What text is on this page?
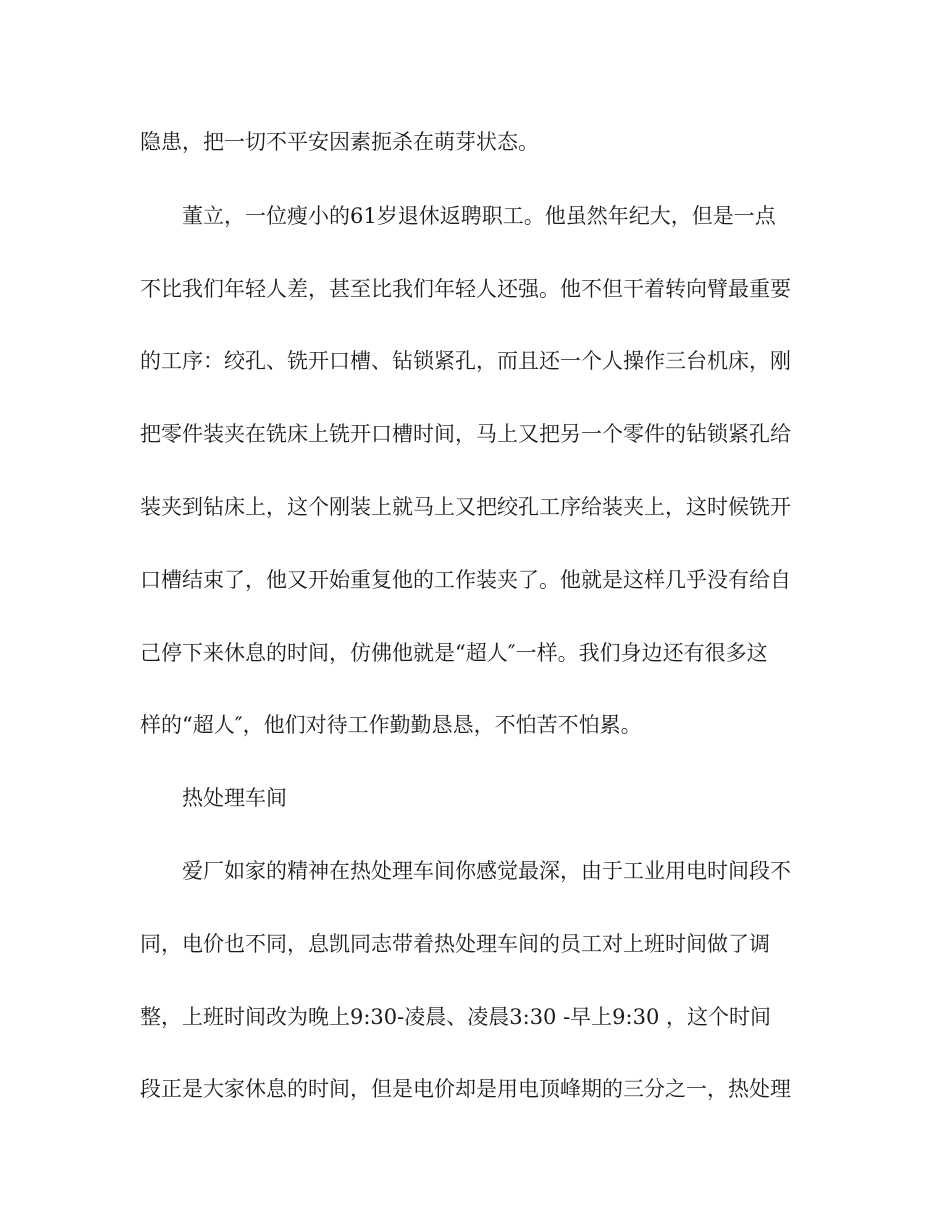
隐患，把一切不平安因素扼杀在萌芽状态。
董立，一位瘦小的61岁退休返聘职工。他虽然年纪大，但是一点
不比我们年轻人差，甚至比我们年轻人还强。他不但干着转向臂最重要
的工序：绞孔、铣开口槽、钻锁紧孔，而且还一个人操作三台机床，刚
把零件装夹在铣床上铣开口槽时间，马上又把另一个零件的钻锁紧孔给
装夹到钻床上，这个刚装上就马上又把绞孔工序给装夹上，这时候铣开
口槽结束了，他又开始重复他的工作装夹了。他就是这样几乎没有给自
己停下来休息的时间，仿佛他就是“超人″一样。我们身边还有很多这
样的“超人″，他们对待工作勤勤恳恳，不怕苦不怕累。
热处理车间
爱厂如家的精神在热处理车间你感觉最深，由于工业用电时间段不
同，电价也不同，息凯同志带着热处理车间的员工对上班时间做了调
整，上班时间改为晚上9:30-凌晨、凌晨3:30 -早上9:30 ，这个时间
段正是大家休息的时间，但是电价却是用电顶峰期的三分之一，热处理
